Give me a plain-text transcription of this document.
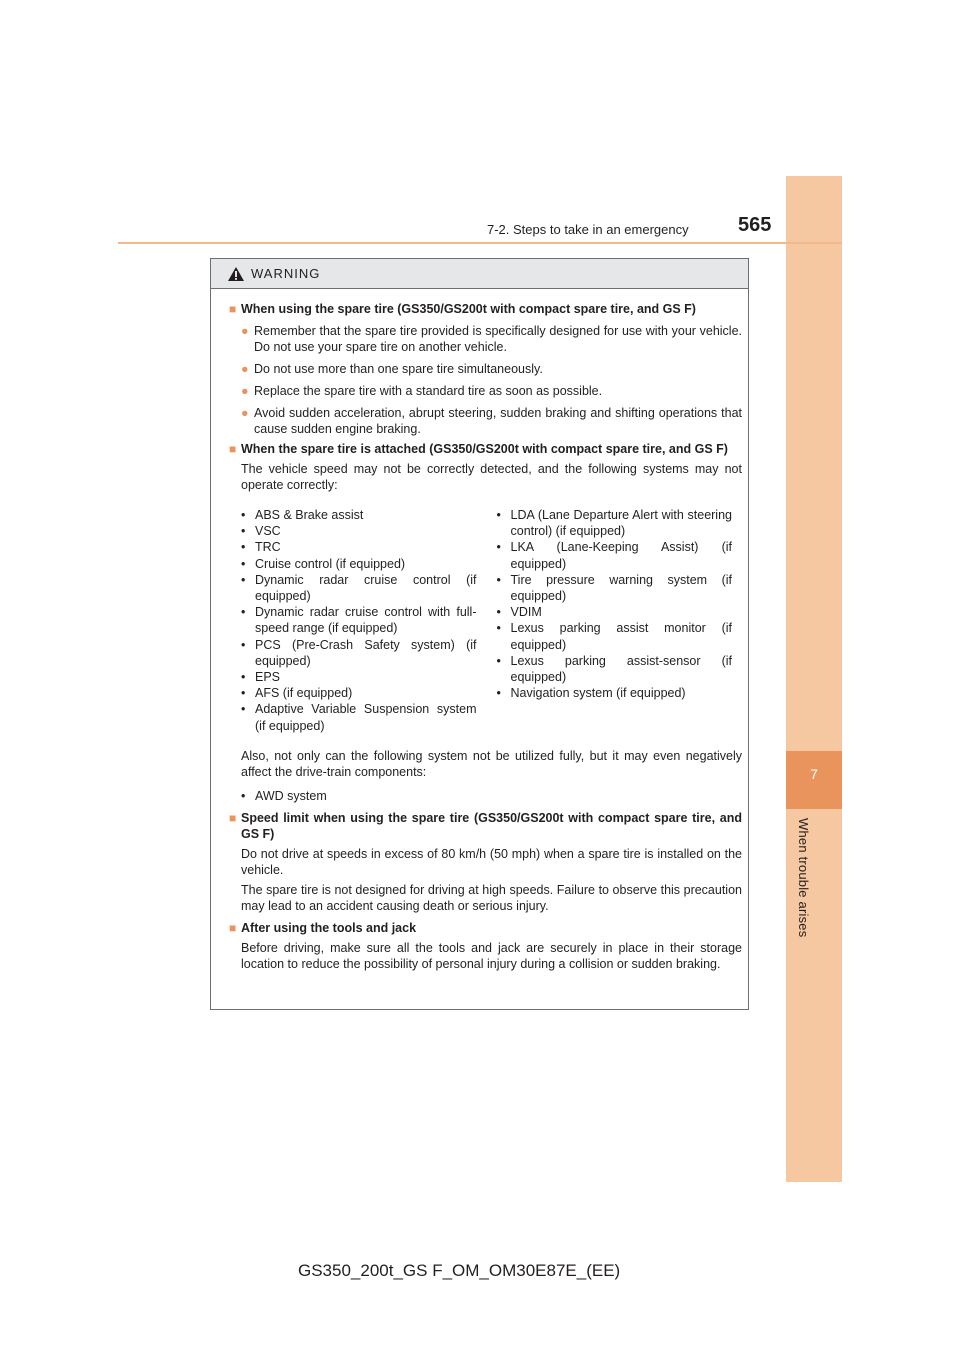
7
When trouble arises
7-2. Steps to take in an emergency 565
WARNING
■ When using the spare tire (GS350/GS200t with compact spare tire, and GS F)
● Remember that the spare tire provided is specifically designed for use with your vehicle. Do not use your spare tire on another vehicle.
● Do not use more than one spare tire simultaneously.
● Replace the spare tire with a standard tire as soon as possible.
● Avoid sudden acceleration, abrupt steering, sudden braking and shifting operations that cause sudden engine braking.
■ When the spare tire is attached (GS350/GS200t with compact spare tire, and GS F)
The vehicle speed may not be correctly detected, and the following systems may not operate correctly:
• ABS & Brake assist
• VSC
• TRC
• Cruise control (if equipped)
• Dynamic radar cruise control (if equipped)
• Dynamic radar cruise control with full-speed range (if equipped)
• PCS (Pre-Crash Safety system) (if equipped)
• EPS
• AFS (if equipped)
• Adaptive Variable Suspension system (if equipped)
• LDA (Lane Departure Alert with steering control) (if equipped)
• LKA (Lane-Keeping Assist) (if equipped)
• Tire pressure warning system (if equipped)
• VDIM
• Lexus parking assist monitor (if equipped)
• Lexus parking assist-sensor (if equipped)
• Navigation system (if equipped)
Also, not only can the following system not be utilized fully, but it may even negatively affect the drive-train components:
• AWD system
■ Speed limit when using the spare tire (GS350/GS200t with compact spare tire, and GS F)
Do not drive at speeds in excess of 80 km/h (50 mph) when a spare tire is installed on the vehicle.
The spare tire is not designed for driving at high speeds. Failure to observe this precaution may lead to an accident causing death or serious injury.
■ After using the tools and jack
Before driving, make sure all the tools and jack are securely in place in their storage location to reduce the possibility of personal injury during a collision or sudden braking.
GS350_200t_GS F_OM_OM30E87E_(EE)
